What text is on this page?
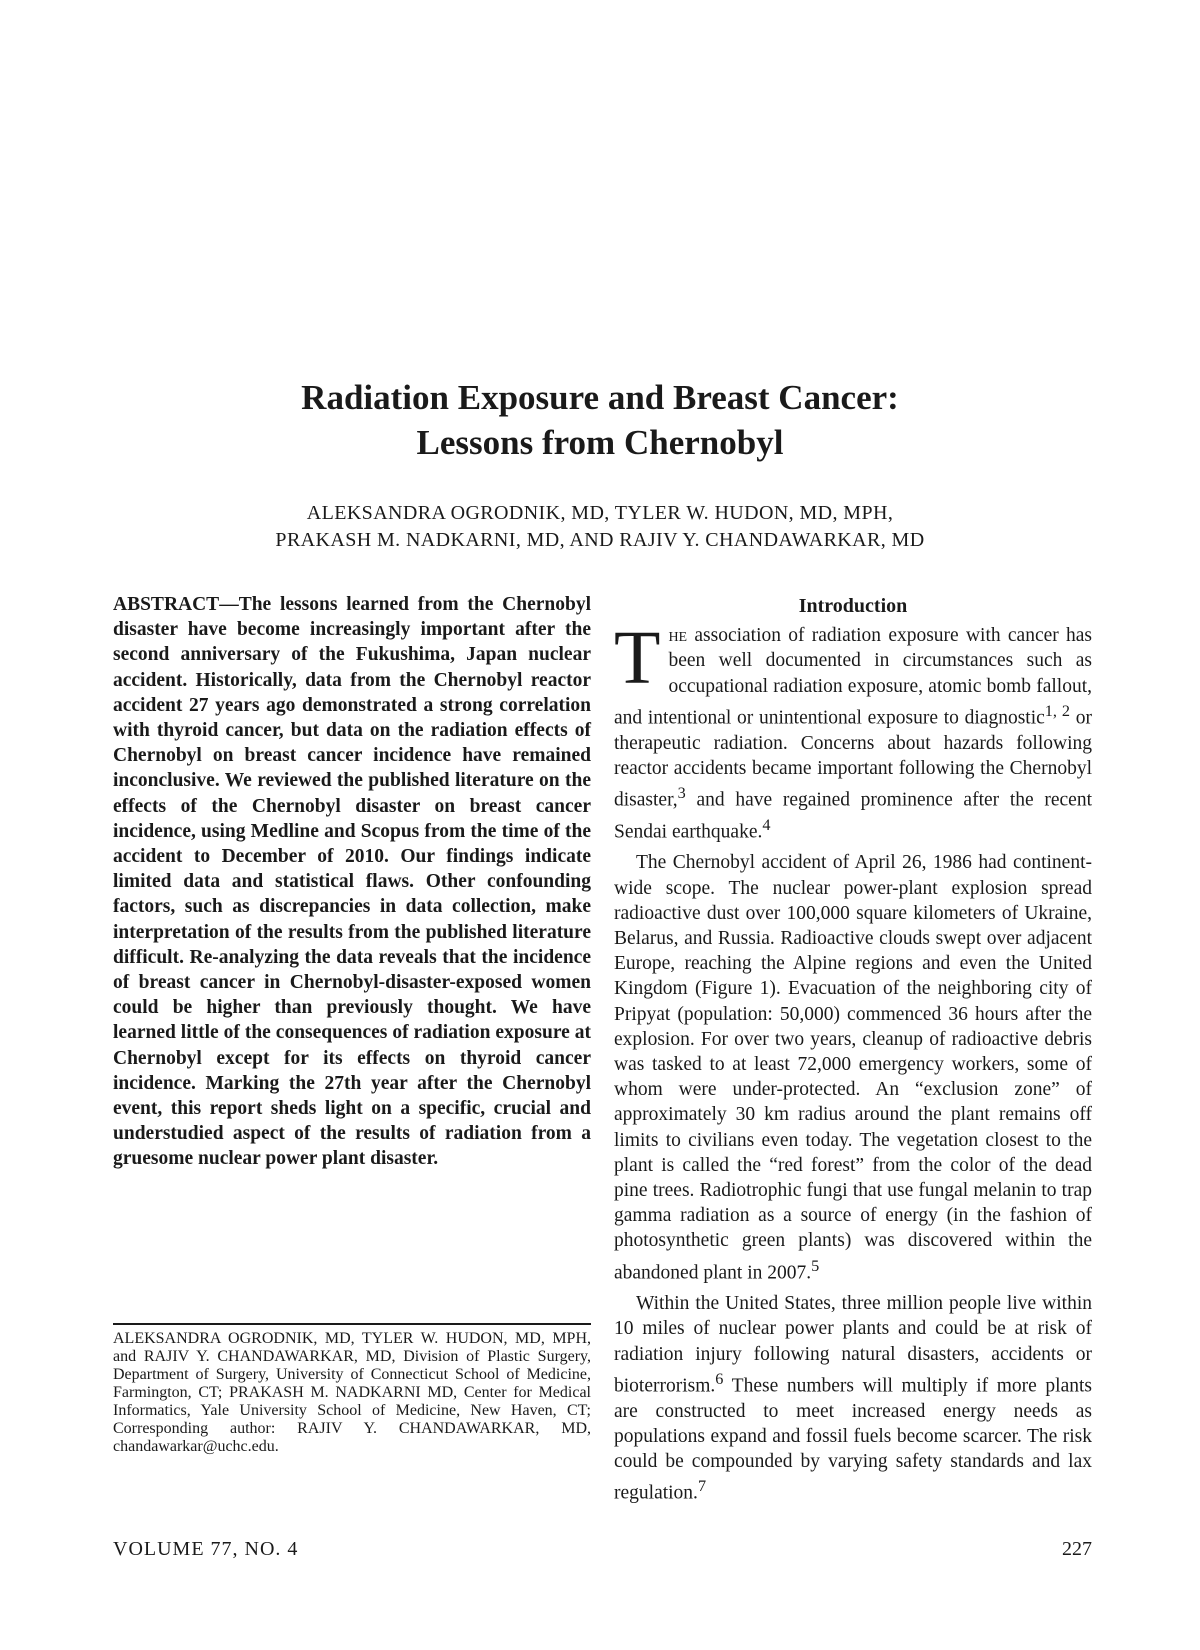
Radiation Exposure and Breast Cancer:
Lessons from Chernobyl
ALEKSANDRA OGRODNIK, MD, TYLER W. HUDON, MD, MPH,
PRAKASH M. NADKARNI, MD, AND RAJIV Y. CHANDAWARKAR, MD
ABSTRACT—The lessons learned from the Chernobyl disaster have become increasingly important after the second anniversary of the Fukushima, Japan nuclear accident. Historically, data from the Chernobyl reactor accident 27 years ago demonstrated a strong correlation with thyroid cancer, but data on the radiation effects of Chernobyl on breast cancer incidence have remained inconclusive. We reviewed the published literature on the effects of the Chernobyl disaster on breast cancer incidence, using Medline and Scopus from the time of the accident to December of 2010. Our findings indicate limited data and statistical flaws. Other confounding factors, such as discrepancies in data collection, make interpretation of the results from the published literature difficult. Re-analyzing the data reveals that the incidence of breast cancer in Chernobyl-disaster-exposed women could be higher than previously thought. We have learned little of the consequences of radiation exposure at Chernobyl except for its effects on thyroid cancer incidence. Marking the 27th year after the Chernobyl event, this report sheds light on a specific, crucial and understudied aspect of the results of radiation from a gruesome nuclear power plant disaster.
ALEKSANDRA OGRODNIK, MD, TYLER W. HUDON, MD, MPH, and RAJIV Y. CHANDAWARKAR, MD, Division of Plastic Surgery, Department of Surgery, University of Connecticut School of Medicine, Farmington, CT; PRAKASH M. NADKARNI MD, Center for Medical Informatics, Yale University School of Medicine, New Haven, CT; Corresponding author: RAJIV Y. CHANDAWARKAR, MD, chandawarkar@uchc.edu.
Introduction

The association of radiation exposure with cancer has been well documented in circumstances such as occupational radiation exposure, atomic bomb fallout, and intentional or unintentional exposure to diagnostic$^{1, 2}$ or therapeutic radiation. Concerns about hazards following reactor accidents became important following the Chernobyl disaster,$^3$ and have regained prominence after the recent Sendai earthquake.$^4$

The Chernobyl accident of April 26, 1986 had continent-wide scope. The nuclear power-plant explosion spread radioactive dust over 100,000 square kilometers of Ukraine, Belarus, and Russia. Radioactive clouds swept over adjacent Europe, reaching the Alpine regions and even the United Kingdom (Figure 1). Evacuation of the neighboring city of Pripyat (population: 50,000) commenced 36 hours after the explosion. For over two years, cleanup of radioactive debris was tasked to at least 72,000 emergency workers, some of whom were under-protected. An “exclusion zone” of approximately 30 km radius around the plant remains off limits to civilians even today. The vegetation closest to the plant is called the “red forest” from the color of the dead pine trees. Radiotrophic fungi that use fungal melanin to trap gamma radiation as a source of energy (in the fashion of photosynthetic green plants) was discovered within the abandoned plant in 2007.$^5$

Within the United States, three million people live within 10 miles of nuclear power plants and could be at risk of radiation injury following natural disasters, accidents or bioterrorism.$^6$ These numbers will multiply if more plants are constructed to meet increased energy needs as populations expand and fossil fuels become scarcer. The risk could be compounded by varying safety standards and lax regulation.$^7$

VOLUME 77, NO. 4	227
